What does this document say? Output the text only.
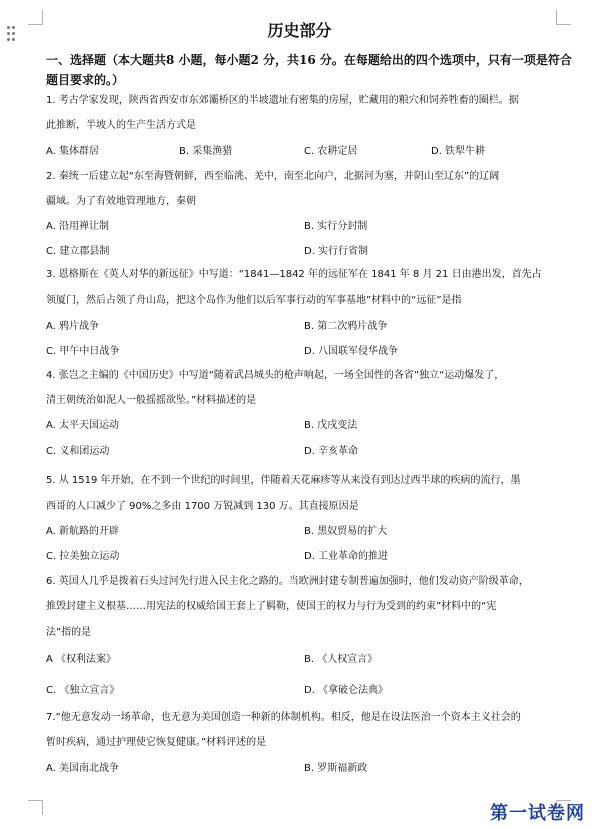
历史部分
一、选择题（本大题共8 小题，每小题2 分，共16 分。在每题给出的四个选项中，只有一项是符合题目要求的。）
1. 考古学家发现，陕西省西安市东郊灞桥区的半坡遗址有密集的房屋，贮藏用的粮穴和饲养牲畜的圈栏。据
此推断，半坡人的生产生活方式是
A. 集体群居	B. 采集渔猎	C. 农耕定居	D. 铁犁牛耕
2. 秦统一后建立起“东至海暨朝鲜，西至临洮、羌中，南至北向户，北据河为塞，并阴山至辽东”的辽阔
疆域。为了有效地管理地方，秦朝
A. 沿用禅让制	B. 实行分封制
C. 建立郡县制	D. 实行行省制
3. 恩格斯在《英人对华的新远征》中写道：“1841—1842 年的远征军在 1841 年 8 月 21 日由港出发，首先占
领厦门，然后占领了舟山岛，把这个岛作为他们以后军事行动的军事基地”材料中的“远征”是指
A. 鸦片战争	B. 第二次鸦片战争
C. 甲午中日战争	D. 八国联军侵华战争
4. 张岂之主编的《中国历史》中写道“随着武昌城头的枪声响起，一场全国性的各省”独立“运动爆发了，
清王朝统治如泥人一般摇摇欲坠。”材料描述的是
A. 太平天国运动	B. 戊戌变法
C. 义和团运动	D. 辛亥革命
5. 从 1519 年开始，在不到一个世纪的时间里，伴随着天花麻疹等从来没有到达过西半球的疾病的流行，墨
西哥的人口减少了 90%之多由 1700 万锐减到 130 万。其直接原因是
A. 新航路的开辟	B. 黑奴贸易的扩大
C. 拉美独立运动	D. 工业革命的推进
6. 英国人几乎是拨着石头过河先行进入民主化之路的。当欧洲封建专制普遍加强时，他们发动资产阶级革命，
推毁封建主义根基……用宪法的权威给国王套上了羁勒，使国王的权力与行为受到的约束”材料中的“宪
法”指的是
A 《权利法案》	B. 《人权宣言》
C. 《独立宣言》	D. 《拿破仑法典》
7.”他无意发动一场革命，也无意为美国创造一种新的体制机构。相反，他是在设法医治一个资本主义社会的
暂时疾病，通过护理使它恢复健康。”材料评述的是
A. 美国南北战争	B. 罗斯福新政
第一试卷网
